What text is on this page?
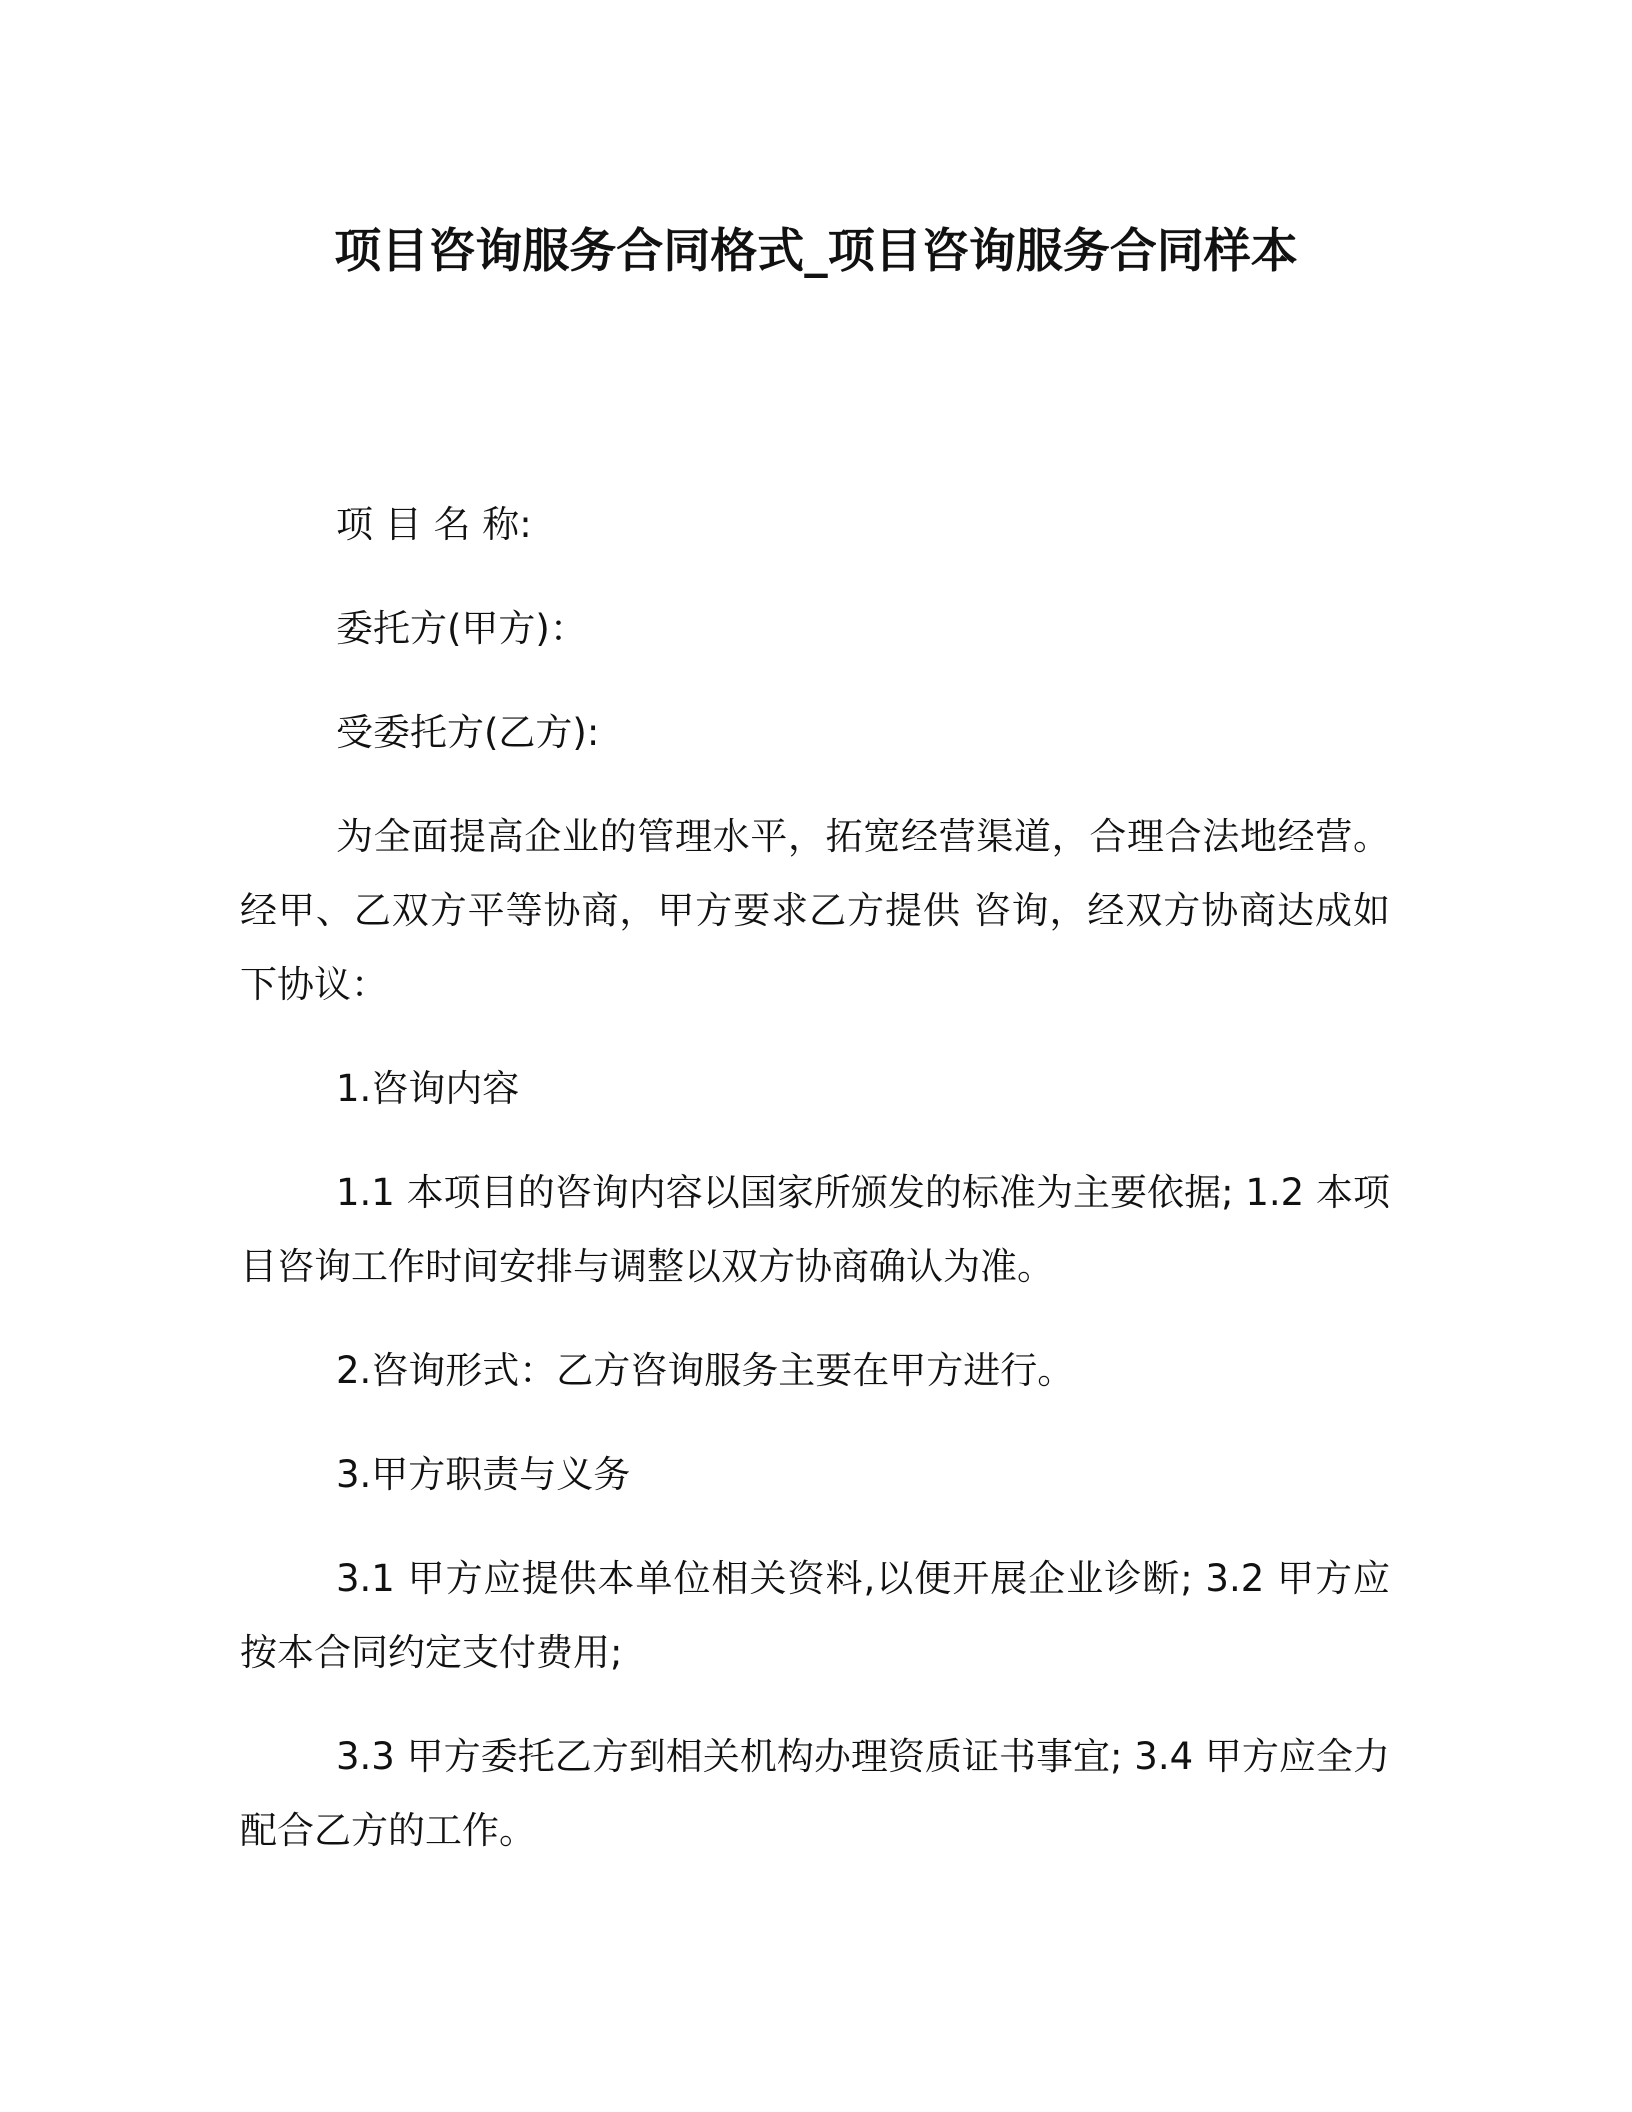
项目咨询服务合同格式_项目咨询服务合同样本

项 目 名 称:

委托方(甲方)：

受委托方(乙方):

为全面提高企业的管理水平，拓宽经营渠道，合理合法地经营。经甲、乙双方平等协商，甲方要求乙方提供 咨询，经双方协商达成如下协议：

1.咨询内容

1.1 本项目的咨询内容以国家所颁发的标准为主要依据; 1.2 本项目咨询工作时间安排与调整以双方协商确认为准。

2.咨询形式：乙方咨询服务主要在甲方进行。

3.甲方职责与义务

3.1 甲方应提供本单位相关资料,以便开展企业诊断; 3.2 甲方应按本合同约定支付费用;

3.3 甲方委托乙方到相关机构办理资质证书事宜; 3.4 甲方应全力配合乙方的工作。
